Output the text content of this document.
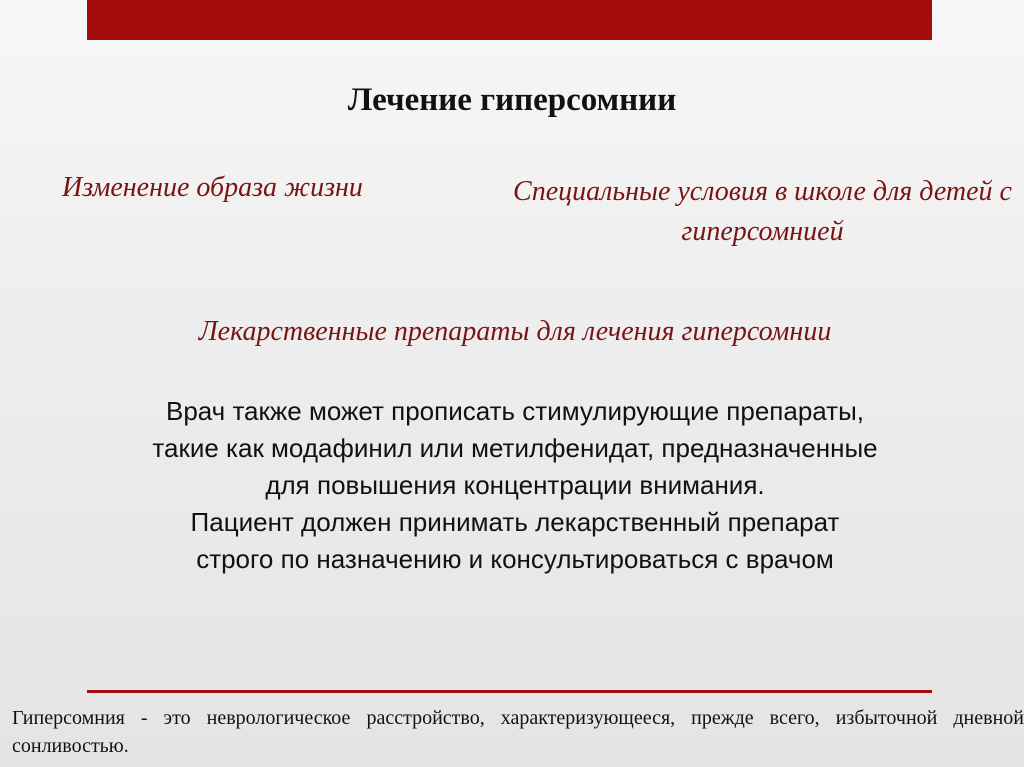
Лечение гиперсомнии
Изменение образа жизни	Специальные условия в школе для детей с гиперсомнией
Лекарственные препараты для лечения гиперсомнии

Врач также может прописать стимулирующие препараты, такие как модафинил или метилфенидат, предназначенные для повышения концентрации внимания.

Пациент должен принимать лекарственный препарат строго по назначению и консультироваться с врачом

Гиперсомния - это неврологическое расстройство, характеризующееся, прежде всего, избыточной дневной сонливостью.
